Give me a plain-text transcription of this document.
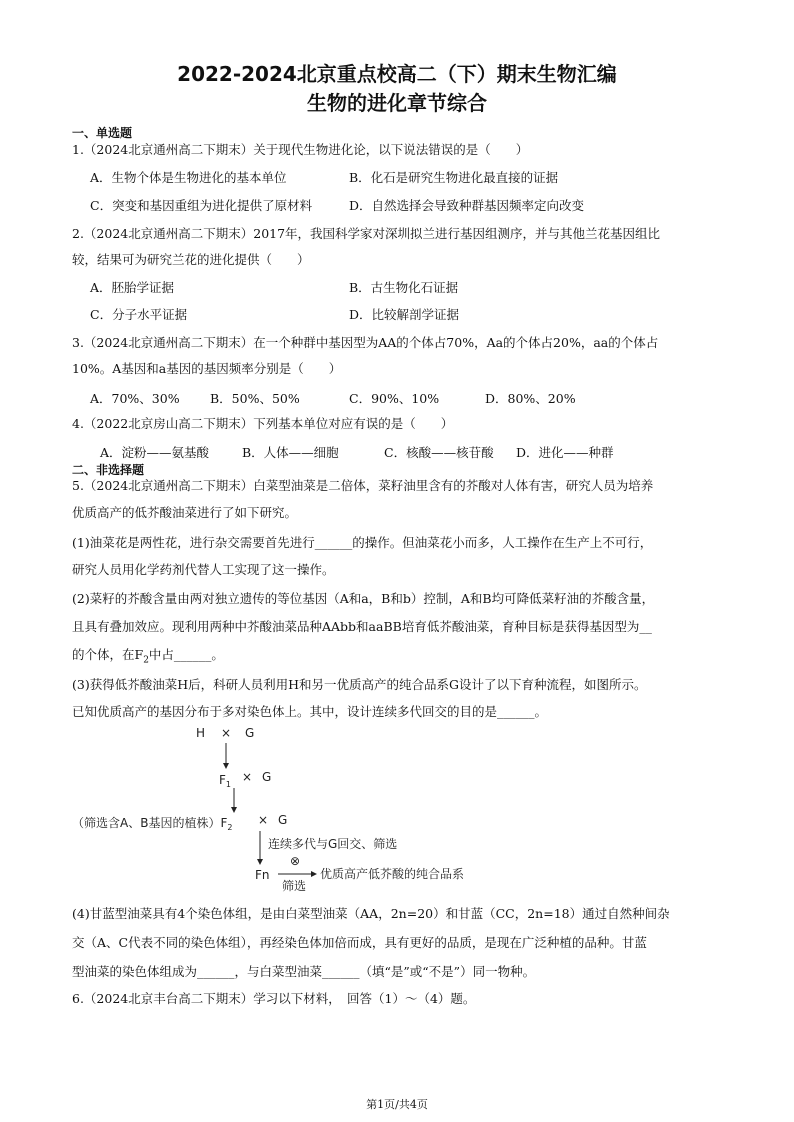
2022-2024北京重点校高二（下）期末生物汇编
生物的进化章节综合
一、单选题
1.（2024北京通州高二下期末）关于现代生物进化论，以下说法错误的是（　　）
A．生物个体是生物进化的基本单位	B．化石是研究生物进化最直接的证据
C．突变和基因重组为进化提供了原材料	D．自然选择会导致种群基因频率定向改变
2.（2024北京通州高二下期末）2017年，我国科学家对深圳拟兰进行基因组测序，并与其他兰花基因组比
较，结果可为研究兰花的进化提供（　　）
A．胚胎学证据	B．古生物化石证据
C．分子水平证据	D．比较解剖学证据
3.（2024北京通州高二下期末）在一个种群中基因型为AA的个体占70%，Aa的个体占20%，aa的个体占
10%。A基因和a基因的基因频率分别是（　　）
A．70%、30% B．50%、50%	C．90%、10%	D．80%、20%
4.（2022北京房山高二下期末）下列基本单位对应有误的是（　　）
A．淀粉——氨基酸	B．人体——细胞	C．核酸——核苷酸 D．进化——种群
二、非选择题
5.（2024北京通州高二下期末）白菜型油菜是二倍体，菜籽油里含有的芥酸对人体有害，研究人员为培养
优质高产的低芥酸油菜进行了如下研究。
(1)油菜花是两性花，进行杂交需要首先进行______的操作。但油菜花小而多，人工操作在生产上不可行，
研究人员用化学药剂代替人工实现了这一操作。
(2)菜籽的芥酸含量由两对独立遗传的等位基因（A和a，B和b）控制，A和B均可降低菜籽油的芥酸含量，
且具有叠加效应。现利用两种中芥酸油菜品种AAbb和aaBB培育低芥酸油菜，育种目标是获得基因型为__
的个体，在$F_2$中占______。
(3)获得低芥酸油菜H后，科研人员利用H和另一优质高产的纯合品系G设计了以下育种流程，如图所示。
已知优质高产的基因分布于多对染色体上。其中，设计连续多代回交的目的是______。
H × G
$F_1$
× G
（筛选含A、B基因的植株）$F_2$
× G
连续多代与G回交、筛选
⊗
Fn	优质高产低芥酸的纯合品系
筛选
(4)甘蓝型油菜具有4个染色体组，是由白菜型油菜（AA，2n=20）和甘蓝（CC，2n=18）通过自然种间杂
交（A、C代表不同的染色体组），再经染色体加倍而成，具有更好的品质，是现在广泛种植的品种。甘蓝
型油菜的染色体组成为______，与白菜型油菜______（填“是”或“不是”）同一物种。
6.（2024北京丰台高二下期末）学习以下材料，　回答（1）～（4）题。
第1页/共4页
